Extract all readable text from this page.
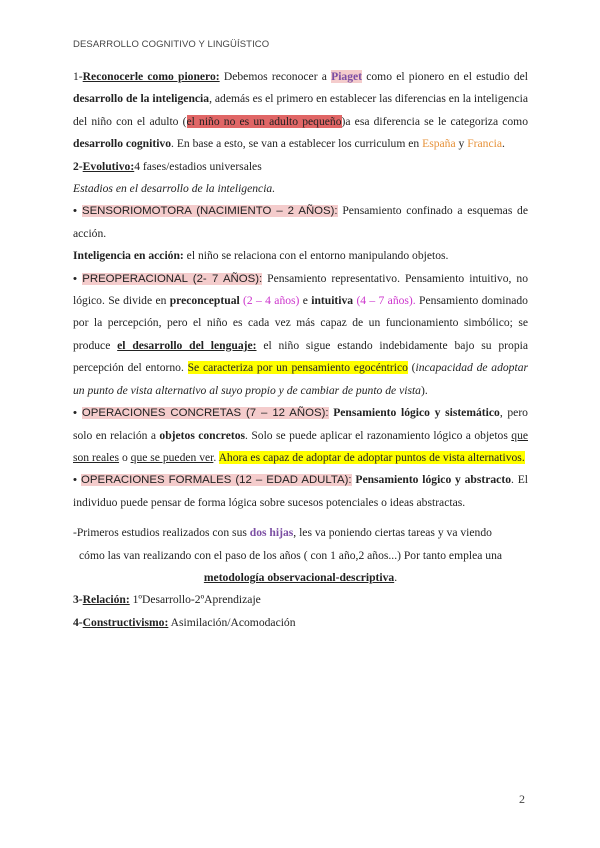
DESARROLLO COGNITIVO Y LINGÜÍSTICO

1-Reconocerle como pionero: Debemos reconocer a Piaget como el pionero en el estudio del desarrollo de la inteligencia, además es el primero en establecer las diferencias en la inteligencia del niño con el adulto (el niño no es un adulto pequeño)a esa diferencia se le categoriza como desarrollo cognitivo. En base a esto, se van a establecer los curriculum en España y Francia.

2-Evolutivo:4 fases/estadios universales

Estadios en el desarrollo de la inteligencia.

• SENSORIOMOTORA (NACIMIENTO – 2 AÑOS): Pensamiento confinado a esquemas de acción.

Inteligencia en acción: el niño se relaciona con el entorno manipulando objetos.

• PREOPERACIONAL (2- 7 AÑOS): Pensamiento representativo. Pensamiento intuitivo, no lógico. Se divide en preconceptual (2 – 4 años) e intuitiva (4 – 7 años). Pensamiento dominado por la percepción, pero el niño es cada vez más capaz de un funcionamiento simbólico; se produce el desarrollo del lenguaje: el niño sigue estando indebidamente bajo su propia percepción del entorno. Se caracteriza por un pensamiento egocéntrico (incapacidad de adoptar un punto de vista alternativo al suyo propio y de cambiar de punto de vista).

• OPERACIONES CONCRETAS (7 – 12 AÑOS): Pensamiento lógico y sistemático, pero solo en relación a objetos concretos. Solo se puede aplicar el razonamiento lógico a objetos que son reales o que se pueden ver. Ahora es capaz de adoptar de adoptar puntos de vista alternativos.

• OPERACIONES FORMALES (12 – EDAD ADULTA): Pensamiento lógico y abstracto. El individuo puede pensar de forma lógica sobre sucesos potenciales o ideas abstractas.

-Primeros estudios realizados con sus dos hijas, les va poniendo ciertas tareas y va viendo

cómo las van realizando con el paso de los años ( con 1 año,2 años...) Por tanto emplea una

metodología observacional-descriptiva.

3-Relación: 1ºDesarrollo-2ºAprendizaje

4-Constructivismo: Asimilación/Acomodación

2
